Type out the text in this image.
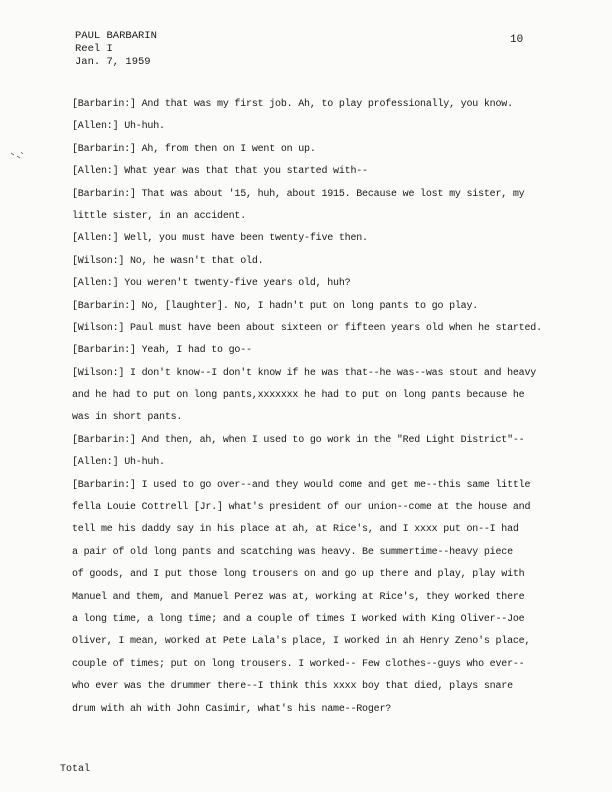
PAUL BARBARIN
Reel I
Jan. 7, 1959
10
[Barbarin:] And that was my first job. Ah, to play professionally, you know.
[Allen:] Uh-huh.
[Barbarin:] Ah, from then on I went on up.
[Allen:] What year was that that you started with--
[Barbarin:] That was about '15, huh, about 1915. Because we lost my sister, my
little sister, in an accident.
[Allen:] Well, you must have been twenty-five then.
[Wilson:] No, he wasn't that old.
[Allen:] You weren't twenty-five years old, huh?
[Barbarin:] No, [laughter]. No, I hadn't put on long pants to go play.
[Wilson:] Paul must have been about sixteen or fifteen years old when he started.
[Barbarin:] Yeah, I had to go--
[Wilson:] I don't know--I don't know if he was that--he was--was stout and heavy
and he had to put on long pants,xxxxxxx he had to put on long pants because he
was in short pants.
[Barbarin:] And then, ah, when I used to go work in the "Red Light District"--
[Allen:] Uh-huh.
[Barbarin:] I used to go over--and they would come and get me--this same little
fella Louie Cottrell [Jr.] what's president of our union--come at the house and
tell me his daddy say in his place at ah, at Rice's, and I xxxx put on--I had
a pair of old long pants and scatching was heavy. Be summertime--heavy piece
of goods, and I put those long trousers on and go up there and play, play with
Manuel and them, and Manuel Perez was at, working at Rice's, they worked there
a long time, a long time; and a couple of times I worked with King Oliver--Joe
Oliver, I mean, worked at Pete Lala's place, I worked in ah Henry Zeno's place,
couple of times; put on long trousers. I worked-- Few clothes--guys who ever--
who ever was the drummer there--I think this xxxx boy that died, plays snare
drum with ah with John Casimir, what's his name--Roger?
Total
